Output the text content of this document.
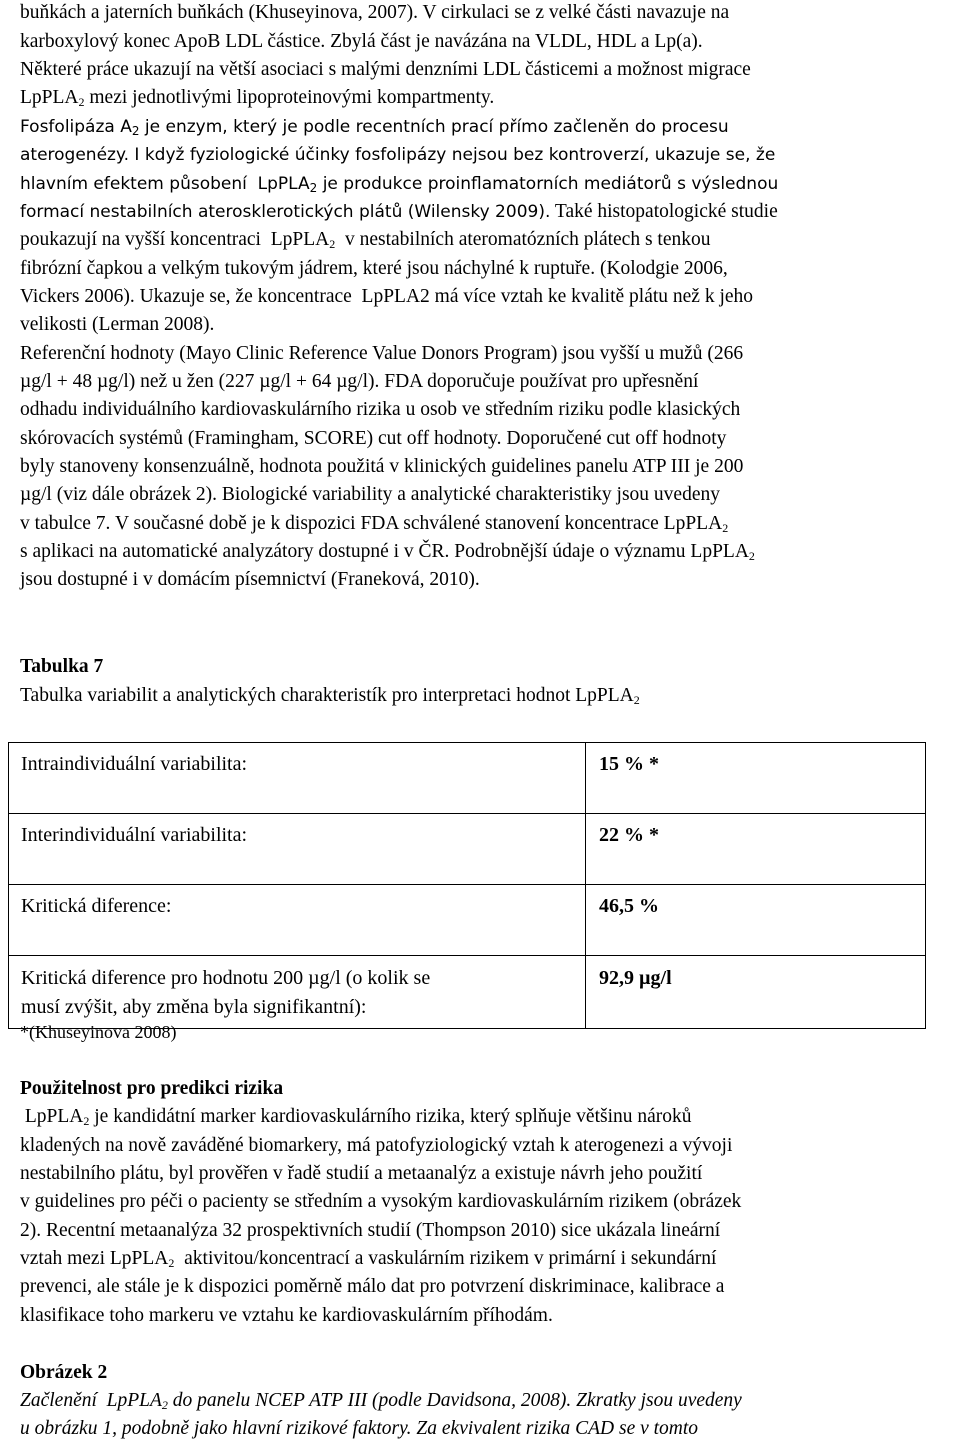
buňkách a jaterních buňkách (Khuseyinova, 2007). V cirkulaci se z velké části navazuje na
karboxylový konec ApoB LDL částice. Zbylá část je navázána na VLDL, HDL a Lp(a).
Některé práce ukazují na větší asociaci s malými denzními LDL částicemi a možnost migrace
LpPLA$_2$ mezi jednotlivými lipoproteinovými kompartmenty.
Fosfolipáza $A_2$ je enzym, který je podle recentních prací přímo začleněn do procesu
aterogenézy. I když fyziologické účinky fosfolipázy nejsou bez kontroverzí, ukazuje se, že
hlavním efektem působení  LpPLA$_2$ je produkce proinflamatorních mediátorů s výslednou
formací nestabilních aterosklerotických plátů (Wilensky 2009). Také histopatologické studie
poukazují na vyšší koncentraci  LpPLA$_2$  v nestabilních ateromatózních plátech s tenkou
fibrózní čapkou a velkým tukovým jádrem, které jsou náchylné k ruptuře. (Kolodgie 2006,
Vickers 2006). Ukazuje se, že koncentrace  LpPLA2 má více vztah ke kvalitě plátu než k jeho
velikosti (Lerman 2008).
Referenční hodnoty (Mayo Clinic Reference Value Donors Program) jsou vyšší u mužů (266
µg/l + 48 µg/l) než u žen (227 µg/l + 64 µg/l). FDA doporučuje používat pro upřesnění
odhadu individuálního kardiovaskulárního rizika u osob ve středním riziku podle klasických
skórovacích systémů (Framingham, SCORE) cut off hodnoty. Doporučené cut off hodnoty
byly stanoveny konsenzuálně, hodnota použitá v klinických guidelines panelu ATP III je 200
µg/l (viz dále obrázek 2). Biologické variability a analytické charakteristiky jsou uvedeny
v tabulce 7. V současné době je k dispozici FDA schválené stanovení koncentrace LpPLA$_2$
s aplikaci na automatické analyzátory dostupné i v ČR. Podrobnější údaje o významu LpPLA$_2$
jsou dostupné i v domácím písemnictví (Franeková, 2010).
Tabulka 7
Tabulka variabilit a analytických charakteristík pro interpretaci hodnot LpPLA$_2$
Intraindividuální variabilita:	15 % *

Interindividuální variabilita:	22 % *

Kritická diference:	46,5 %

Kritická diference pro hodnotu 200 µg/l (o kolik se
musí zvýšit, aby změna byla signifikantní):	92,9 µg/l
*(Khuseyinova 2008)
Použitelnost pro predikci rizika
LpPLA$_2$ je kandidátní marker kardiovaskulárního rizika, který splňuje většinu nároků
kladených na nově zaváděné biomarkery, má patofyziologický vztah k aterogenezi a vývoji
nestabilního plátu, byl prověřen v řadě studií a metaanalýz a existuje návrh jeho použití
v guidelines pro péči o pacienty se středním a vysokým kardiovaskulárním rizikem (obrázek
2). Recentní metaanalýza 32 prospektivních studií (Thompson 2010) sice ukázala lineární
vztah mezi LpPLA$_2$  aktivitou/koncentrací a vaskulárním rizikem v primární i sekundární
prevenci, ale stále je k dispozici poměrně málo dat pro potvrzení diskriminace, kalibrace a
klasifikace toho markeru ve vztahu ke kardiovaskulárním příhodám.
Obrázek 2
Začlenění  LpPLA$_2$ do panelu NCEP ATP III (podle Davidsona, 2008). Zkratky jsou uvedeny
u obrázku 1, podobně jako hlavní rizikové faktory. Za ekvivalent rizika CAD se v tomto
